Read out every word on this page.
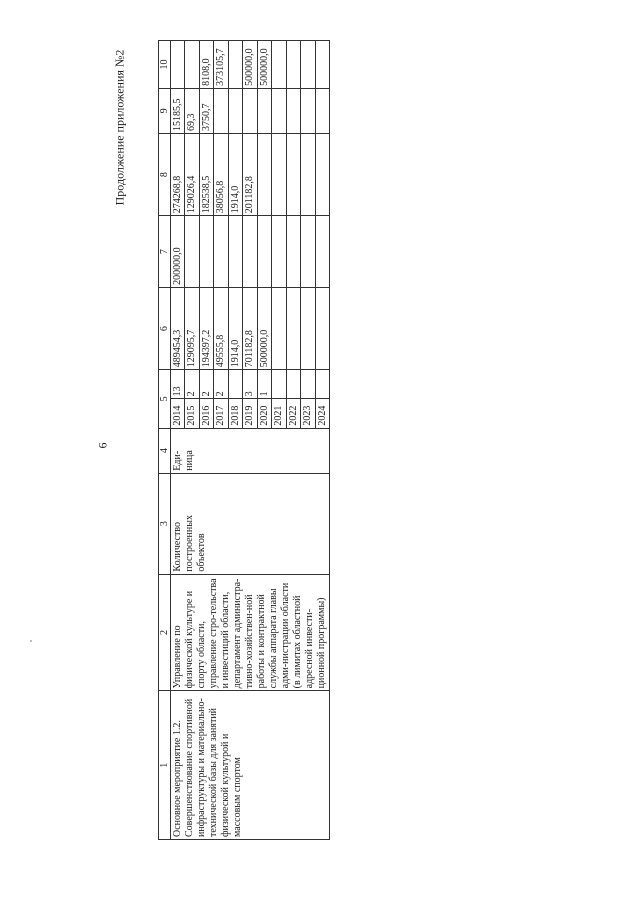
6
Продолжение приложения №2
1	2	3	4	5		6	7	8	9	10
Основное мероприятие 1.2. Совершенствование спортивной инфраструктуры и материально-технической базы для занятий физической культурой и массовым спортом	Управление по физической культуре и спорту области, управление стро-тельства и инвестиций области, департамент администра-тивно-хозяйствен-ной работы и контрактной службы аппарата главы адми-нистрации области (в лимитах областной адресной инвести-ционной программы)	Количество построенных объектов	Еди-ница	2014	13	489454,3	200000,0	274268,8	15185,5	
				2015	2	129095,7		129026,4	69,3	
				2016	2	194397,2		182538,5	3750,7	8108,0
				2017	2	49555,8		38056,8		373105,7
				2018		1914,0		1914,0		
				2019	3	701182,8		201182,8		500000,0
				2020	1	500000,0				500000,0
				2021						
				2022						
				2023						
				2024						
